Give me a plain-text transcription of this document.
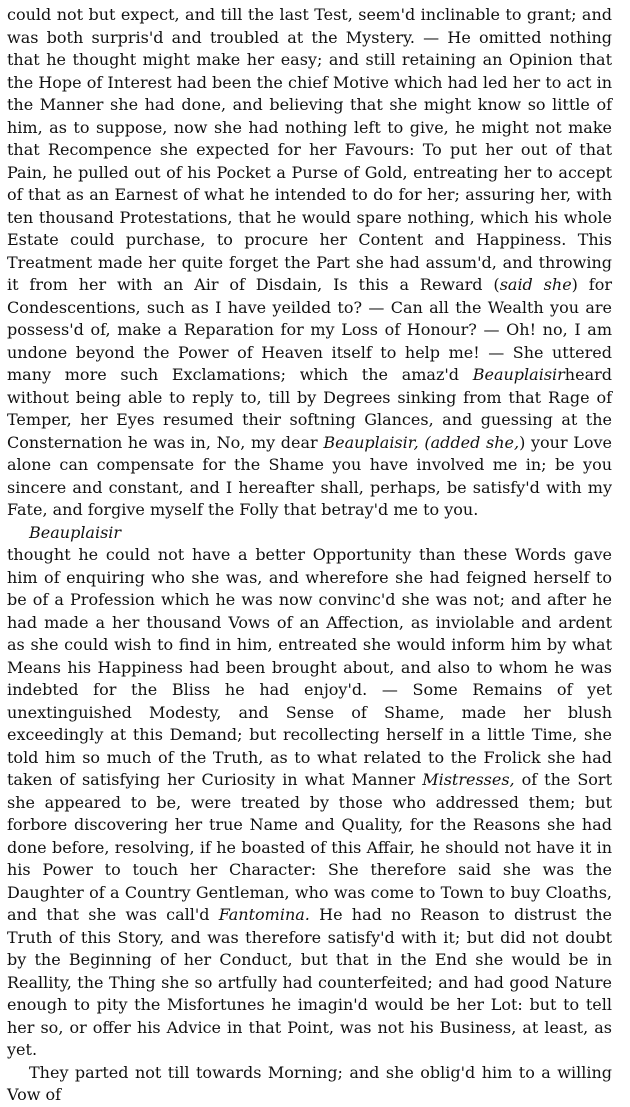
could not but expect, and till the last Test, seem'd inclinable to grant; and was both surpris'd and troubled at the Mystery. — He omitted nothing that he thought might make her easy; and still retaining an Opinion that the Hope of Interest had been the chief Motive which had led her to act in the Manner she had done, and believing that she might know so little of him, as to suppose, now she had nothing left to give, he might not make that Recompence she expected for her Favours: To put her out of that Pain, he pulled out of his Pocket a Purse of Gold, entreating her to accept of that as an Earnest of what he intended to do for her; assuring her, with ten thousand Protestations, that he would spare nothing, which his whole Estate could purchase, to procure her Content and Happiness. This Treatment made her quite forget the Part she had assum'd, and throwing it from her with an Air of Disdain, Is this a Reward (said she) for Condescentions, such as I have yeilded to? — Can all the Wealth you are possess'd of, make a Reparation for my Loss of Honour? — Oh! no, I am undone beyond the Power of Heaven itself to help me! — She uttered many more such Exclamations; which the amaz'd Beauplaisirheard without being able to reply to, till by Degrees sinking from that Rage of Temper, her Eyes resumed their softning Glances, and guessing at the Consternation he was in, No, my dear Beauplaisir, (added she,) your Love alone can compensate for the Shame you have involved me in; be you sincere and constant, and I hereafter shall, perhaps, be satisfy'd with my Fate, and forgive myself the Folly that betray'd me to you.

Beauplaisir

thought he could not have a better Opportunity than these Words gave him of enquiring who she was, and wherefore she had feigned herself to be of a Profession which he was now convinc'd she was not; and after he had made a her thousand Vows of an Affection, as inviolable and ardent as she could wish to find in him, entreated she would inform him by what Means his Happiness had been brought about, and also to whom he was indebted for the Bliss he had enjoy'd. — Some Remains of yet unextinguished Modesty, and Sense of Shame, made her blush exceedingly at this Demand; but recollecting herself in a little Time, she told him so much of the Truth, as to what related to the Frolick she had taken of satisfying her Curiosity in what Manner Mistresses, of the Sort she appeared to be, were treated by those who addressed them; but forbore discovering her true Name and Quality, for the Reasons she had done before, resolving, if he boasted of this Affair, he should not have it in his Power to touch her Character: She therefore said she was the Daughter of a Country Gentleman, who was come to Town to buy Cloaths, and that she was call'd Fantomina. He had no Reason to distrust the Truth of this Story, and was therefore satisfy'd with it; but did not doubt by the Beginning of her Conduct, but that in the End she would be in Reallity, the Thing she so artfully had counterfeited; and had good Nature enough to pity the Misfortunes he imagin'd would be her Lot: but to tell her so, or offer his Advice in that Point, was not his Business, at least, as yet.

They parted not till towards Morning; and she oblig'd him to a willing Vow of
